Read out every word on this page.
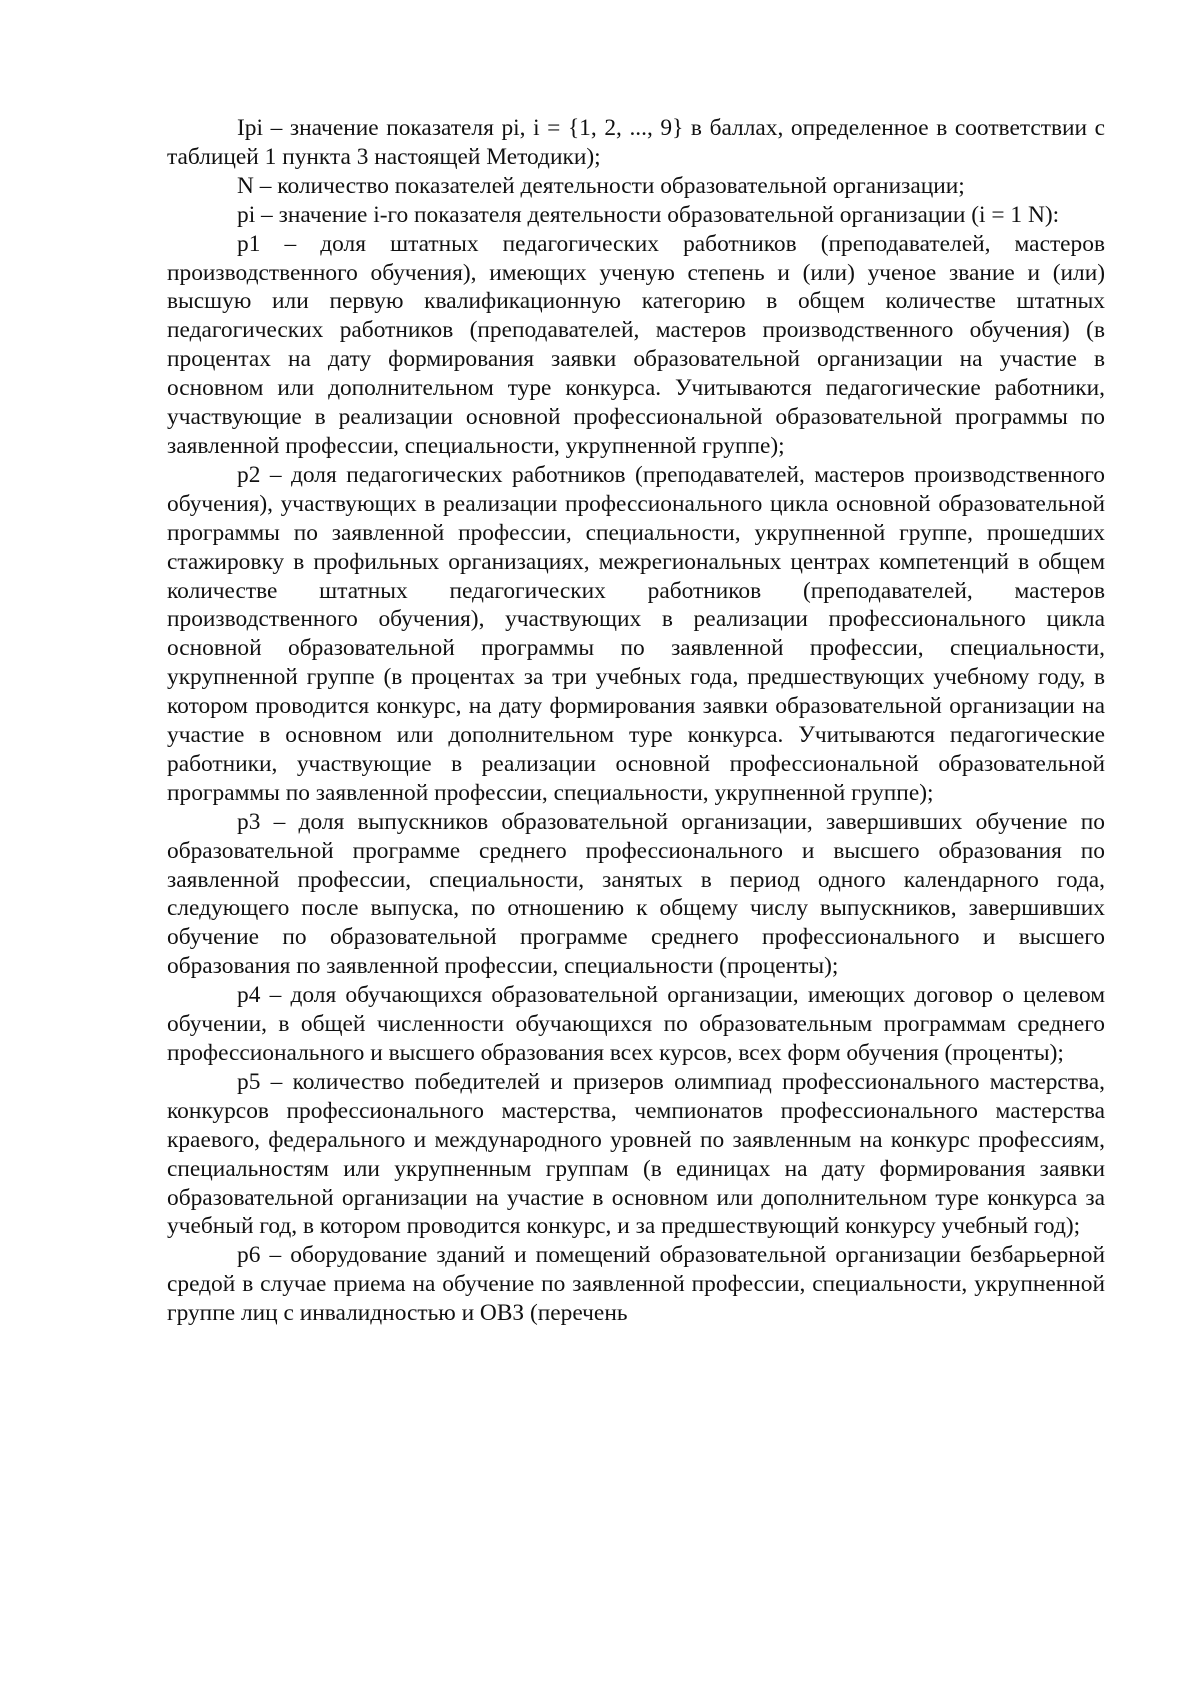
Ipi – значение показателя pi, i = {1, 2, ..., 9} в баллах, определенное в соответствии с таблицей 1 пункта 3 настоящей Методики);

N – количество показателей деятельности образовательной организации;

pi – значение i-го показателя деятельности образовательной организации (i = 1 N):

p1 – доля штатных педагогических работников (преподавателей, мастеров производственного обучения), имеющих ученую степень и (или) ученое звание и (или) высшую или первую квалификационную категорию в общем количестве штатных педагогических работников (преподавателей, мастеров производственного обучения) (в процентах на дату формирования заявки образовательной организации на участие в основном или дополнительном туре конкурса. Учитываются педагогические работники, участвующие в реализации основной профессиональной образовательной программы по заявленной профессии, специальности, укрупненной группе);

p2 – доля педагогических работников (преподавателей, мастеров производственного обучения), участвующих в реализации профессионального цикла основной образовательной программы по заявленной профессии, специальности, укрупненной группе, прошедших стажировку в профильных организациях, межрегиональных центрах компетенций в общем количестве штатных педагогических работников (преподавателей, мастеров производственного обучения), участвующих в реализации профессионального цикла основной образовательной программы по заявленной профессии, специальности, укрупненной группе (в процентах за три учебных года, предшествующих учебному году, в котором проводится конкурс, на дату формирования заявки образовательной организации на участие в основном или дополнительном туре конкурса. Учитываются педагогические работники, участвующие в реализации основной профессиональной образовательной программы по заявленной профессии, специальности, укрупненной группе);

p3 – доля выпускников образовательной организации, завершивших обучение по образовательной программе среднего профессионального и высшего образования по заявленной профессии, специальности, занятых в период одного календарного года, следующего после выпуска, по отношению к общему числу выпускников, завершивших обучение по образовательной программе среднего профессионального и высшего образования по заявленной профессии, специальности (проценты);

p4 – доля обучающихся образовательной организации, имеющих договор о целевом обучении, в общей численности обучающихся по образовательным программам среднего профессионального и высшего образования всех курсов, всех форм обучения (проценты);

p5 – количество победителей и призеров олимпиад профессионального мастерства, конкурсов профессионального мастерства, чемпионатов профессионального мастерства краевого, федерального и международного уровней по заявленным на конкурс профессиям, специальностям или укрупненным группам (в единицах на дату формирования заявки образовательной организации на участие в основном или дополнительном туре конкурса за учебный год, в котором проводится конкурс, и за предшествующий конкурсу учебный год);

p6 – оборудование зданий и помещений образовательной организации безбарьерной средой в случае приема на обучение по заявленной профессии, специальности, укрупненной группе лиц с инвалидностью и ОВЗ (перечень
